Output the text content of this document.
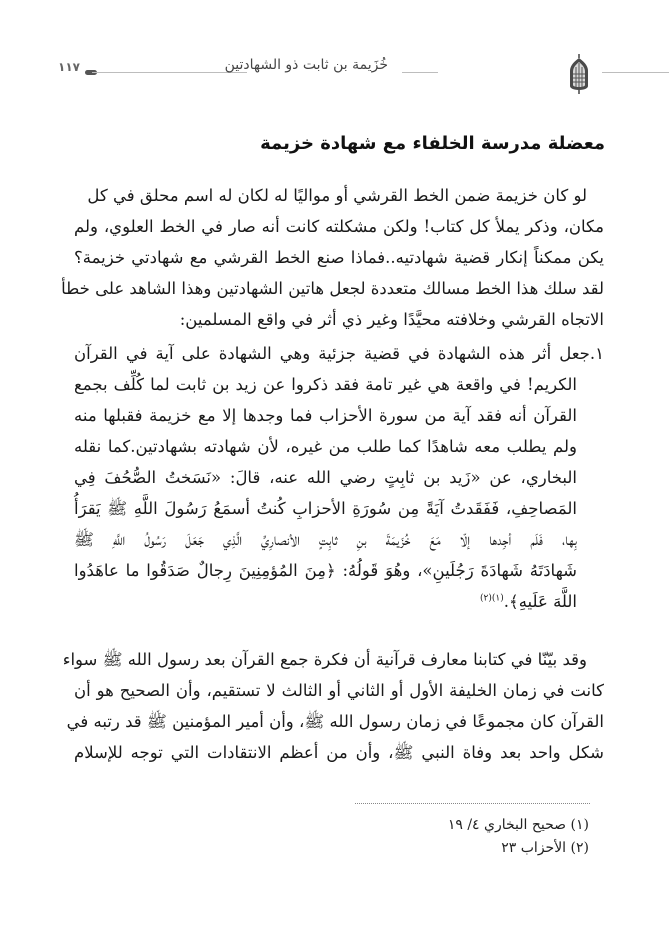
١١٧	خُزَيمة بن ثابت ذو الشهادتين
معضلة مدرسة الخلفاء مع شهادة خزيمة
لو كان خزيمة ضمن الخط القرشي أو مواليًا له لكان له اسم محلق في كل
مكان، وذكر يملأ كل كتاب! ولكن مشكلته كانت أنه صار في الخط العلوي، ولم
يكن ممكناً إنكار قضية شهادتيه..فماذا صنع الخط القرشي مع شهادتي خزيمة؟
لقد سلك هذا الخط مسالك متعددة لجعل هاتين الشهادتين وهذا الشاهد على خطأ
الاتجاه القرشي وخلافته محيَّدًا وغير ذي أثر في واقع المسلمين:
١.جعل أثر هذه الشهادة في قضية جزئية وهي الشهادة على آية في القرآن
الكريم! في واقعة هي غير تامة فقد ذكروا عن زيد بن ثابت لما كُلِّف بجمع
القرآن أنه فقد آية من سورة الأحزاب فما وجدها إلا مع خزيمة فقبلها منه
ولم يطلب معه شاهدًا كما طلب من غيره، لأن شهادته بشهادتين.كما نقله
البخاري، عن «زَيد بن ثابِتٍ رضي الله عنه، قالَ: «نَسَختُ الصُّحُفَ فِي
المَصاحِفِ، فَفَقَدتُ آيَةً مِن سُورَةِ الأحزابِ كُنتُ أسمَعُ رَسُولَ اللَّهِ ﷺ يَقرَأُ
بِها، فَلَم أجِدها إلّا مَعَ خُزَيمَةَ بنِ ثابِتٍ الأنصارِيِّ الَّذِي جَعَلَ رَسُولُ اللَّهِ ﷺ
شَهادَتَهُ شَهادَةَ رَجُلَينِ»، وهُوَ قَولُهُ: ﴿مِنَ المُؤمِنِينَ رِجالٌ صَدَقُوا ما عاهَدُوا
اللَّهَ عَلَيهِ﴾.$^{(١)(٢)}$
وقد بيّنّا في كتابنا معارف قرآنية أن فكرة جمع القرآن بعد رسول الله ﷺ سواء
كانت في زمان الخليفة الأول أو الثاني أو الثالث لا تستقيم، وأن الصحيح هو أن
القرآن كان مجموعًا في زمان رسول الله ﷺ، وأن أمير المؤمنين ﷺ قد رتبه في
شكل واحد بعد وفاة النبي ﷺ، وأن من أعظم الانتقادات التي توجه للإسلام
(١) صحيح البخاري ٤/ ١٩
(٢) الأحزاب ٢٣
